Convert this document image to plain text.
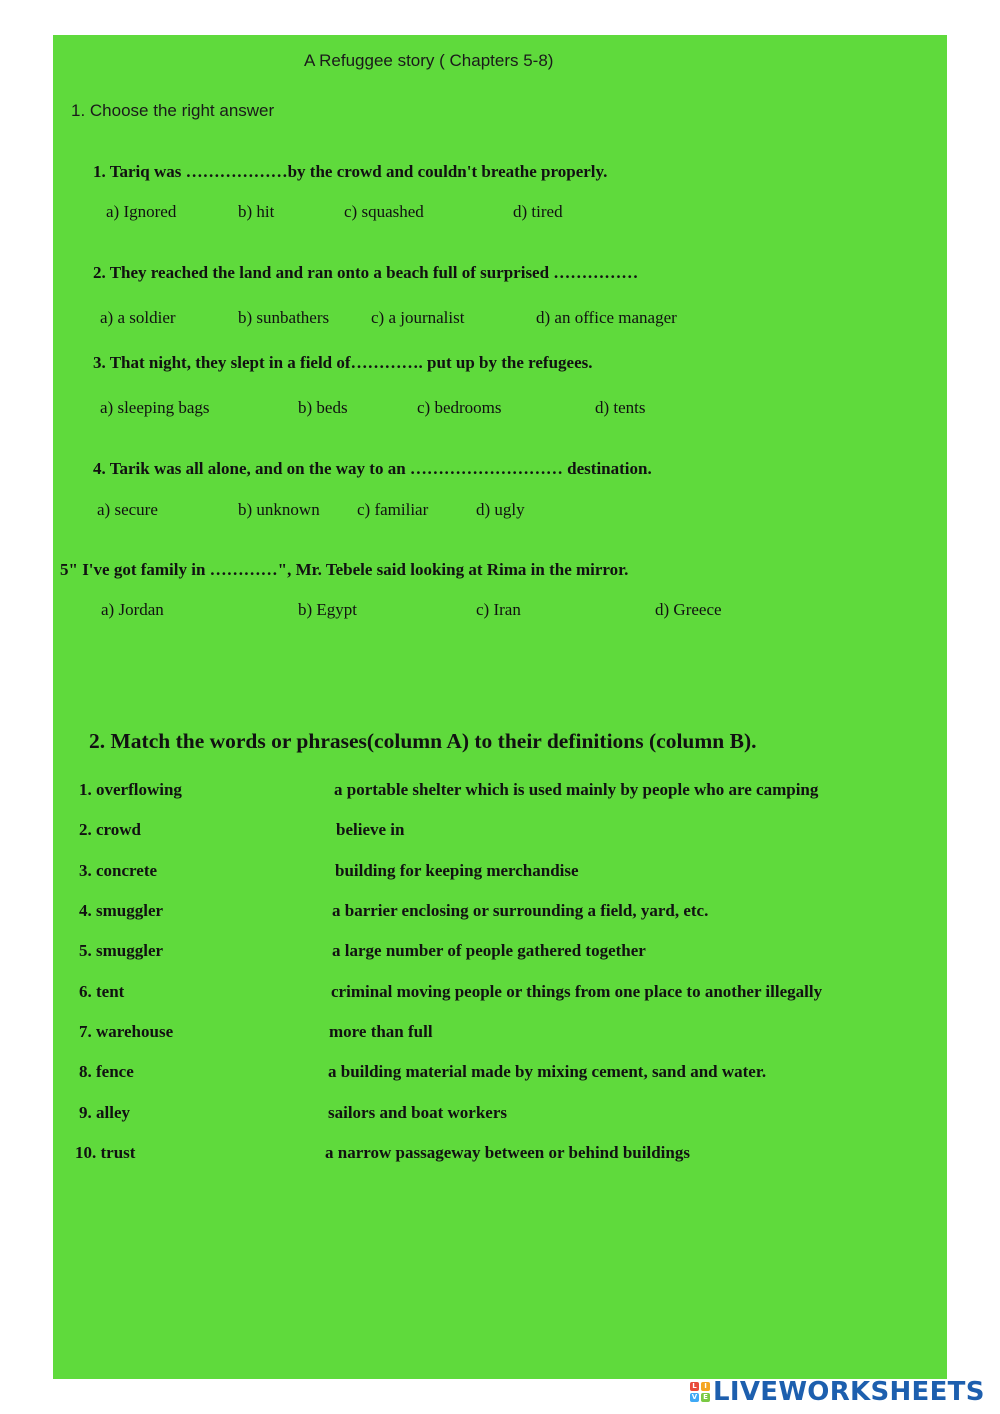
A Refuggee story ( Chapters 5-8)
1. Choose the right answer
1. Tariq was ………………by the crowd and couldn't breathe properly.
a) Ignored	b) hit	c) squashed	d) tired
2. They reached the land and ran onto a beach full of surprised ……………
a) a soldier	b) sunbathers c) a journalist	d) an office manager
3. That night, they slept in a field of…………. put up by the refugees.
a) sleeping bags	b) beds	c) bedrooms	d) tents
4. Tarik was all alone, and on the way to an ……………………… destination.
a) secure	b) unknown c) familiar	d) ugly
5" I've got family in …………", Mr. Tebele said looking at Rima in the mirror.
a) Jordan	b) Egypt	c) Iran	d) Greece
2. Match the words or phrases(column A) to their definitions (column B).
1. overflowing	a portable shelter which is used mainly by people who are camping
2. crowd	believe in
3. concrete	building for keeping merchandise
4. smuggler	a barrier enclosing or surrounding a field, yard, etc.
5. smuggler	a large number of people gathered together
6. tent	criminal moving people or things from one place to another illegally
7. warehouse	more than full
8. fence	a building material made by mixing cement, sand and water.
9. alley	sailors and boat workers
10. trust	a narrow passageway between or behind buildings
L	I
V E LIVEWORKSHEETS
